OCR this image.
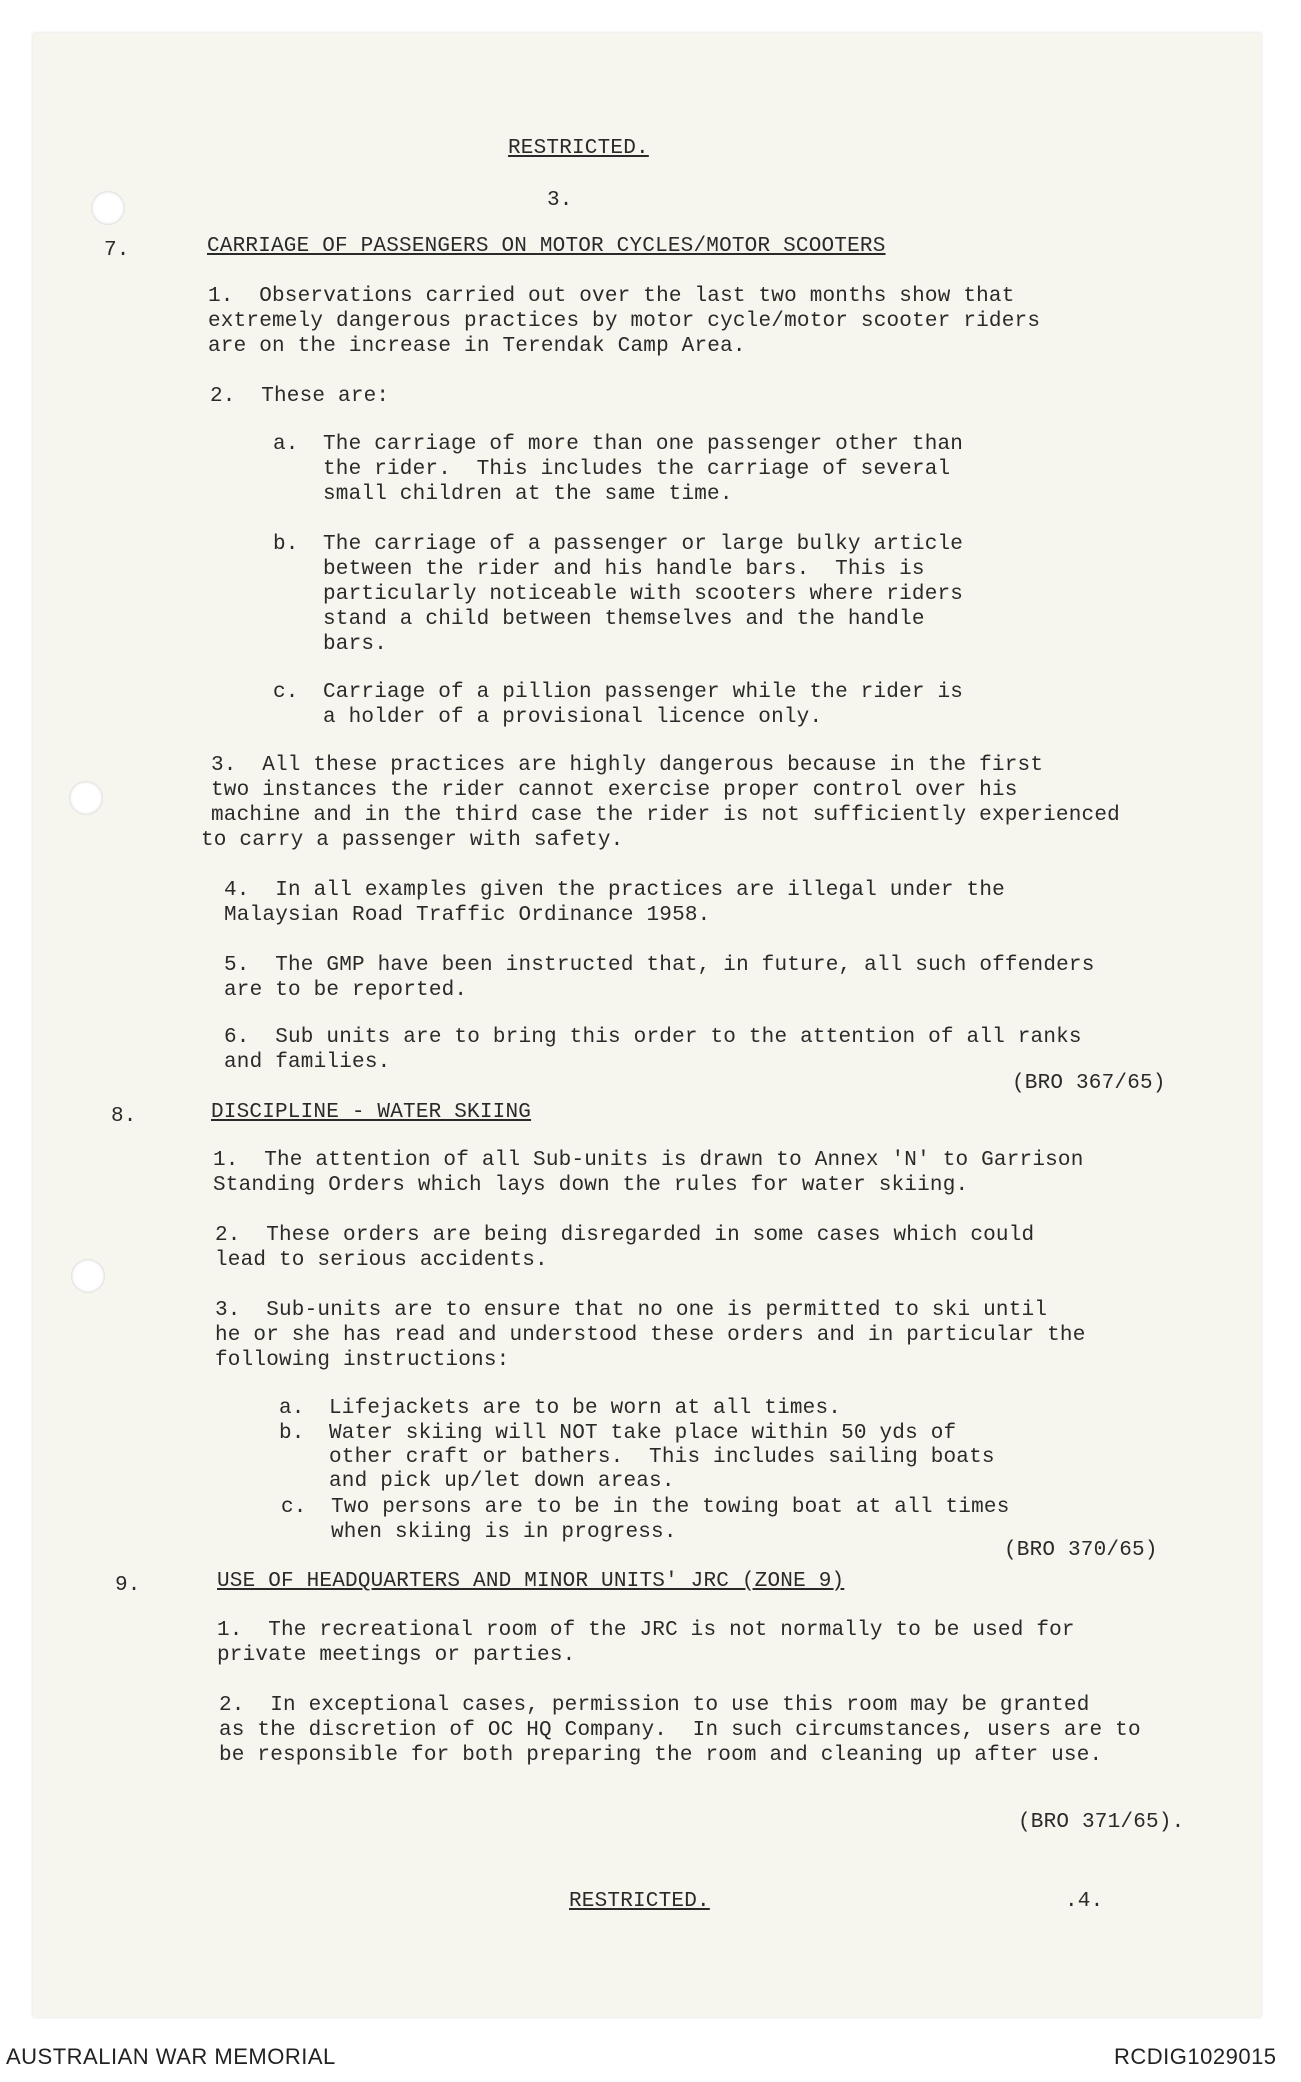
RESTRICTED.
3.
7.	CARRIAGE OF PASSENGERS ON MOTOR CYCLES/MOTOR SCOOTERS
1.  Observations carried out over the last two months show that
extremely dangerous practices by motor cycle/motor scooter riders
are on the increase in Terendak Camp Area.
2.  These are:
a. The carriage of more than one passenger other than
the rider.  This includes the carriage of several
small children at the same time.
b. The carriage of a passenger or large bulky article
between the rider and his handle bars.  This is
particularly noticeable with scooters where riders
stand a child between themselves and the handle
bars.
c. Carriage of a pillion passenger while the rider is
a holder of a provisional licence only.
3.  All these practices are highly dangerous because in the first
two instances the rider cannot exercise proper control over his
machine and in the third case the rider is not sufficiently experienced
to carry a passenger with safety.
4.  In all examples given the practices are illegal under the
Malaysian Road Traffic Ordinance 1958.
5.  The GMP have been instructed that, in future, all such offenders
are to be reported.
6.  Sub units are to bring this order to the attention of all ranks
and families.
(BRO 367/65)
8.	DISCIPLINE - WATER SKIING
1.  The attention of all Sub-units is drawn to Annex 'N' to Garrison
Standing Orders which lays down the rules for water skiing.
2.  These orders are being disregarded in some cases which could
lead to serious accidents.
3.  Sub-units are to ensure that no one is permitted to ski until
he or she has read and understood these orders and in particular the
following instructions:
a. Lifejackets are to be worn at all times.
b. Water skiing will NOT take place within 50 yds of
other craft or bathers.  This includes sailing boats
and pick up/let down areas.
c. Two persons are to be in the towing boat at all times
when skiing is in progress.
(BRO 370/65)
9.	USE OF HEADQUARTERS AND MINOR UNITS' JRC (ZONE 9)
1.  The recreational room of the JRC is not normally to be used for
private meetings or parties.
2.  In exceptional cases, permission to use this room may be granted
as the discretion of OC HQ Company.  In such circumstances, users are to
be responsible for both preparing the room and cleaning up after use.
(BRO 371/65).
RESTRICTED.	.4.
AUSTRALIAN WAR MEMORIAL	RCDIG1029015
